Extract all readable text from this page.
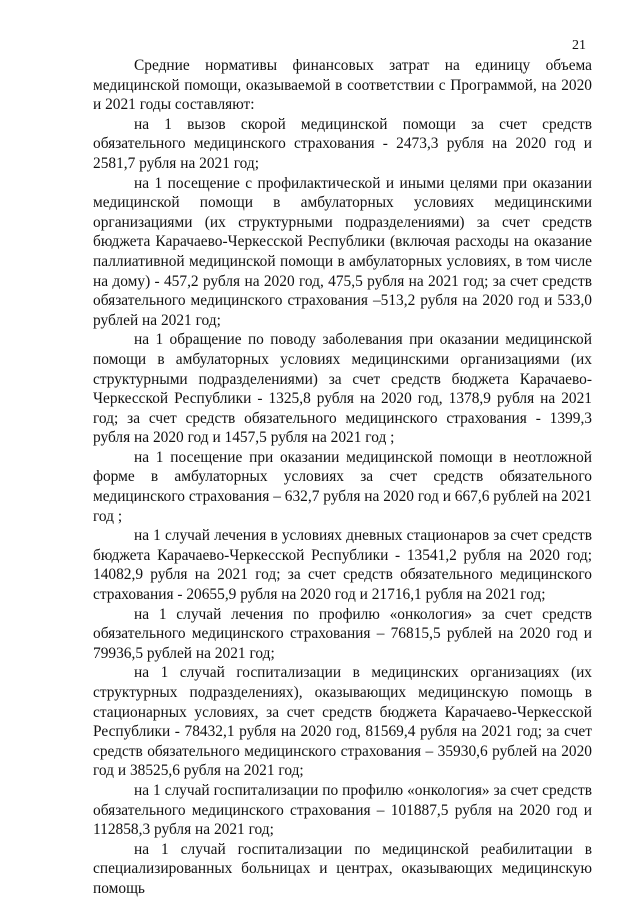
21

Средние нормативы финансовых затрат на единицу объема медицинской помощи, оказываемой в соответствии с Программой, на 2020 и 2021 годы составляют:

на 1 вызов скорой медицинской помощи за счет средств обязательного медицинского страхования - 2473,3 рубля на 2020 год и 2581,7 рубля на 2021 год;

на 1 посещение с профилактической и иными целями при оказании медицинской помощи в амбулаторных условиях медицинскими организациями (их структурными подразделениями) за счет средств бюджета Карачаево-Черкесской Республики (включая расходы на оказание паллиативной медицинской помощи в амбулаторных условиях, в том числе на дому) - 457,2 рубля на 2020 год, 475,5 рубля на 2021 год; за счет средств обязательного медицинского страхования –513,2 рубля на 2020 год и 533,0 рублей на 2021 год;

на 1 обращение по поводу заболевания при оказании медицинской помощи в амбулаторных условиях медицинскими организациями (их структурными подразделениями) за счет средств бюджета Карачаево-Черкесской Республики - 1325,8 рубля на 2020 год, 1378,9 рубля на 2021 год; за счет средств обязательного медицинского страхования - 1399,3 рубля на 2020 год и 1457,5 рубля на 2021 год ;

на 1 посещение при оказании медицинской помощи в неотложной форме в амбулаторных условиях за счет средств обязательного медицинского страхования – 632,7 рубля на 2020 год и 667,6 рублей на 2021 год ;

на 1 случай лечения в условиях дневных стационаров за счет средств бюджета Карачаево-Черкесской Республики - 13541,2 рубля на 2020 год; 14082,9 рубля на 2021 год; за счет средств обязательного медицинского страхования - 20655,9 рубля на 2020 год и 21716,1 рубля на 2021 год;

на 1 случай лечения по профилю «онкология» за счет средств обязательного медицинского страхования – 76815,5 рублей на 2020 год и 79936,5 рублей на 2021 год;

на 1 случай госпитализации в медицинских организациях (их структурных подразделениях), оказывающих медицинскую помощь в стационарных условиях, за счет средств бюджета Карачаево-Черкесской Республики - 78432,1 рубля на 2020 год, 81569,4 рубля на 2021 год; за счет средств обязательного медицинского страхования – 35930,6 рублей на 2020 год и 38525,6 рубля на 2021 год;

на 1 случай госпитализации по профилю «онкология» за счет средств обязательного медицинского страхования – 101887,5 рубля на 2020 год и 112858,3 рубля на 2021 год;

на 1 случай госпитализации по медицинской реабилитации в специализированных больницах и центрах, оказывающих медицинскую помощь
